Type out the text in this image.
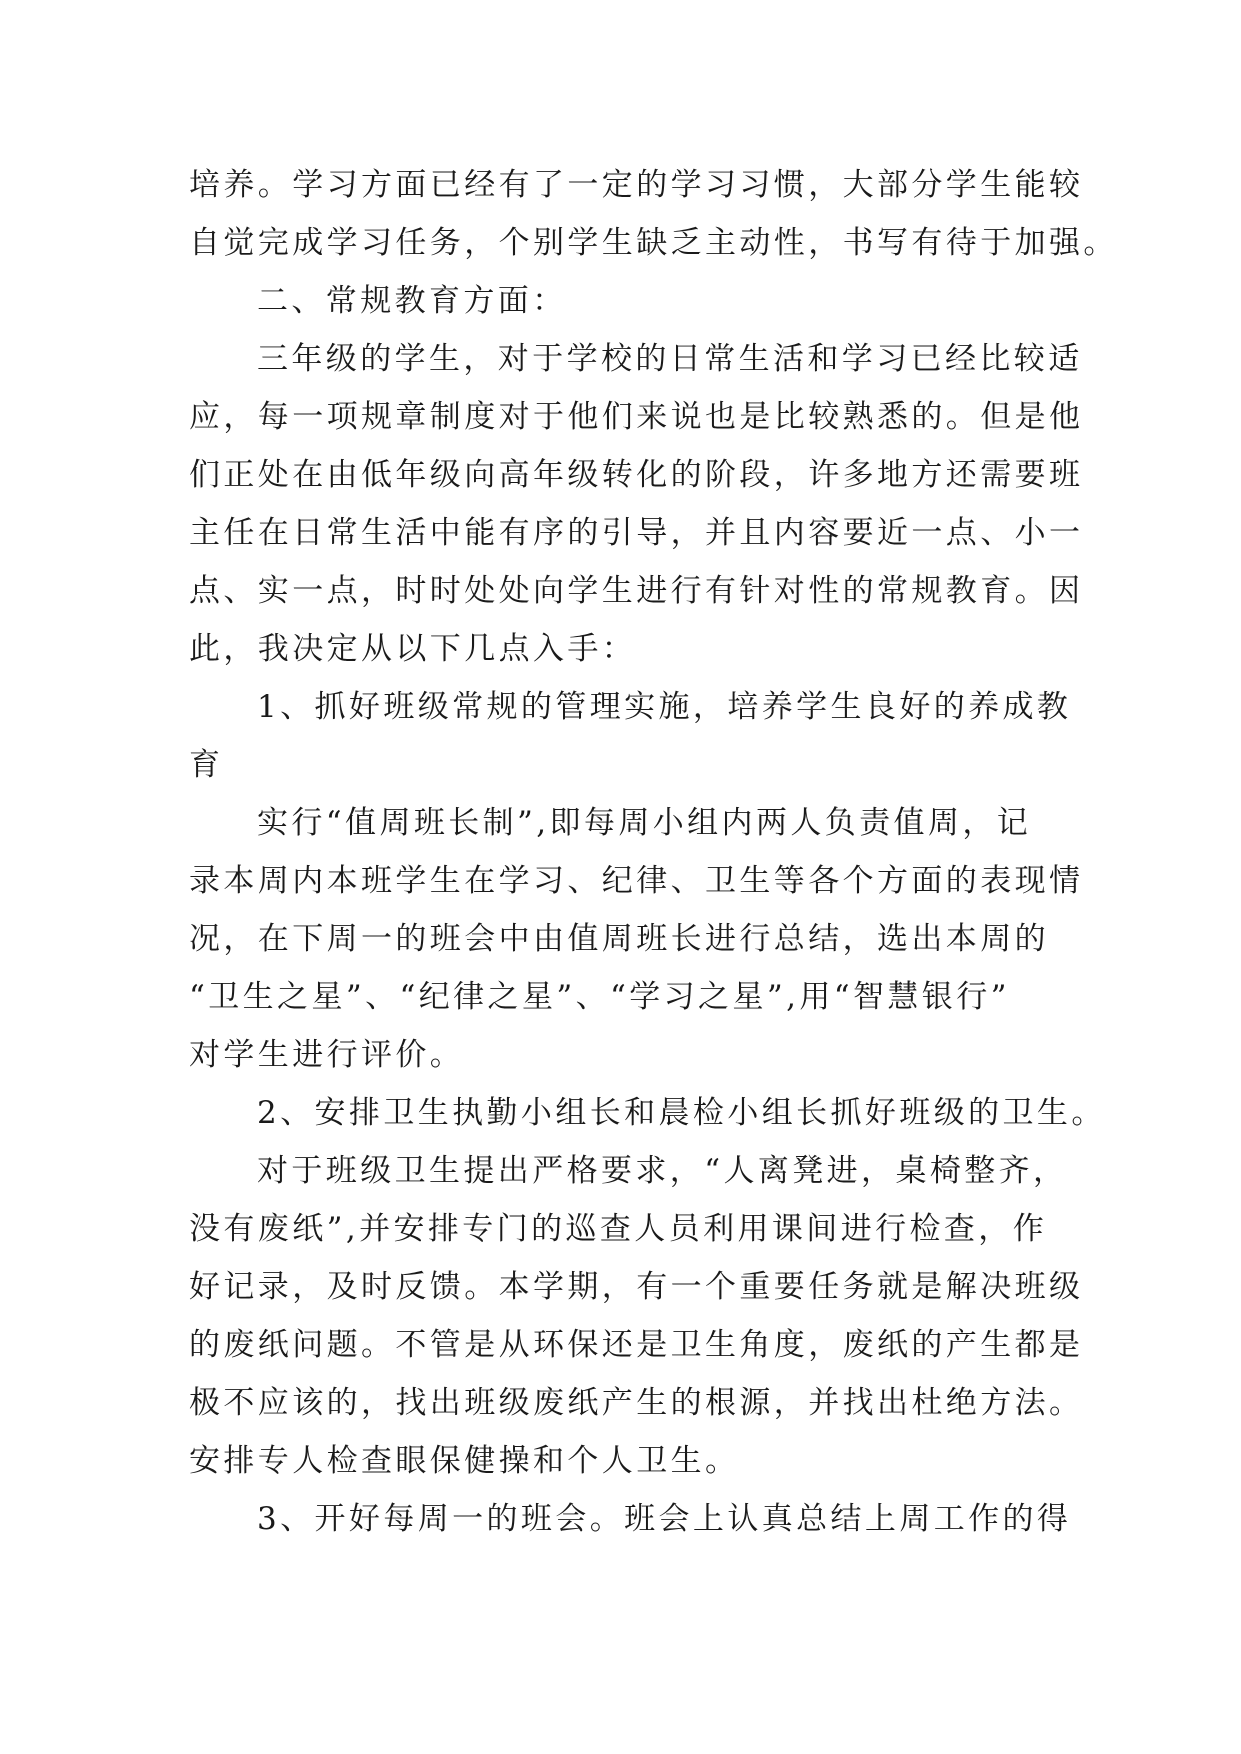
培养。学习方面已经有了一定的学习习惯，大部分学生能较
自觉完成学习任务，个别学生缺乏主动性，书写有待于加强。
二、常规教育方面：
三年级的学生，对于学校的日常生活和学习已经比较适
应，每一项规章制度对于他们来说也是比较熟悉的。但是他
们正处在由低年级向高年级转化的阶段，许多地方还需要班
主任在日常生活中能有序的引导，并且内容要近一点、小一
点、实一点，时时处处向学生进行有针对性的常规教育。因
此，我决定从以下几点入手：
1、抓好班级常规的管理实施，培养学生良好的养成教
育
实行“值周班长制”,即每周小组内两人负责值周，记
录本周内本班学生在学习、纪律、卫生等各个方面的表现情
况，在下周一的班会中由值周班长进行总结，选出本周的
“卫生之星”、“纪律之星”、“学习之星”,用“智慧银行”
对学生进行评价。
2、安排卫生执勤小组长和晨检小组长抓好班级的卫生。
对于班级卫生提出严格要求，“人离凳进，桌椅整齐，
没有废纸”,并安排专门的巡查人员利用课间进行检查，作
好记录，及时反馈。本学期，有一个重要任务就是解决班级
的废纸问题。不管是从环保还是卫生角度，废纸的产生都是
极不应该的，找出班级废纸产生的根源，并找出杜绝方法。
安排专人检查眼保健操和个人卫生。
3、开好每周一的班会。班会上认真总结上周工作的得
